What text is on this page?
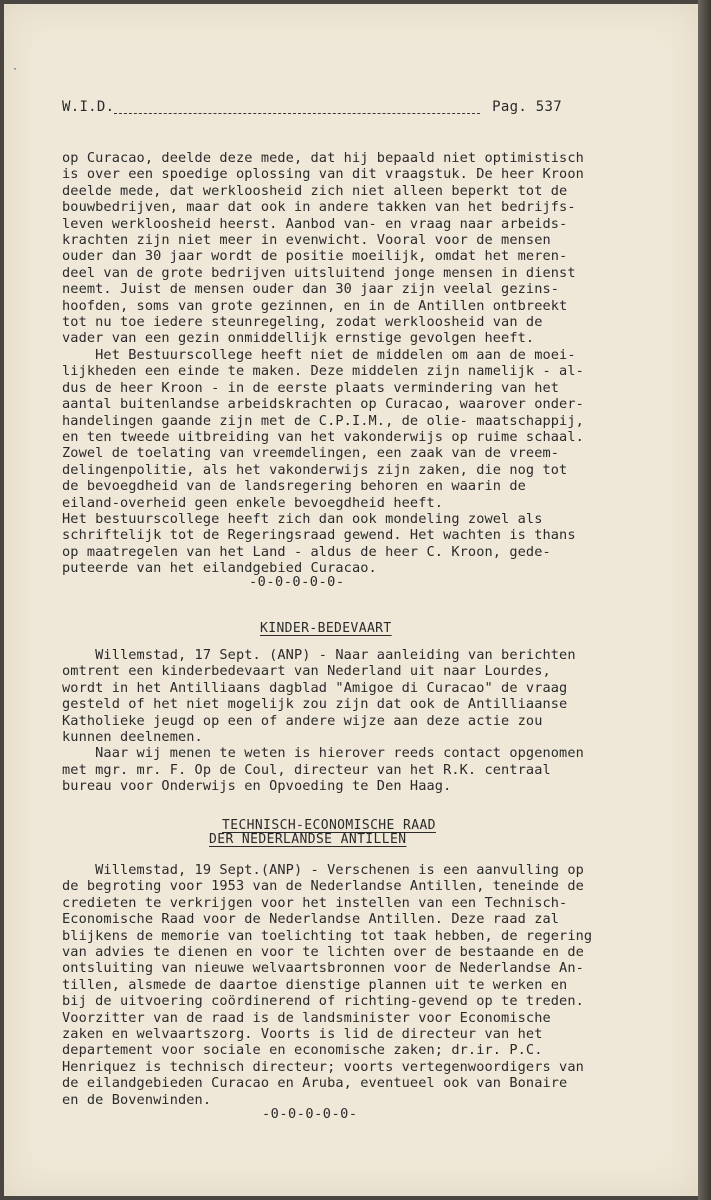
·
W.I.D.	Pag. 537
op Curacao, deelde deze mede, dat hij bepaald niet optimistisch
is over een spoedige oplossing van dit vraagstuk. De heer Kroon
deelde mede, dat werkloosheid zich niet alleen beperkt tot de
bouwbedrijven, maar dat ook in andere takken van het bedrijfs-
leven werkloosheid heerst. Aanbod van- en vraag naar arbeids-
krachten zijn niet meer in evenwicht. Vooral voor de mensen
ouder dan 30 jaar wordt de positie moeilijk, omdat het meren-
deel van de grote bedrijven uitsluitend jonge mensen in dienst
neemt. Juist de mensen ouder dan 30 jaar zijn veelal gezins-
hoofden, soms van grote gezinnen, en in de Antillen ontbreekt
tot nu toe iedere steunregeling, zodat werkloosheid van de
vader van een gezin onmiddellijk ernstige gevolgen heeft.
Het Bestuurscollege heeft niet de middelen om aan de moei-
lijkheden een einde te maken. Deze middelen zijn namelijk - al-
dus de heer Kroon - in de eerste plaats vermindering van het
aantal buitenlandse arbeidskrachten op Curacao, waarover onder-
handelingen gaande zijn met de C.P.I.M., de olie- maatschappij,
en ten tweede uitbreiding van het vakonderwijs op ruime schaal.
Zowel de toelating van vreemdelingen, een zaak van de vreem-
delingenpolitie, als het vakonderwijs zijn zaken, die nog tot
de bevoegdheid van de landsregering behoren en waarin de
eiland-overheid geen enkele bevoegdheid heeft.
Het bestuurscollege heeft zich dan ook mondeling zowel als
schriftelijk tot de Regeringsraad gewend. Het wachten is thans
op maatregelen van het Land - aldus de heer C. Kroon, gede-
puteerde van het eilandgebied Curacao.
-0-0-0-0-0-
KINDER-BEDEVAART
Willemstad, 17 Sept. (ANP) - Naar aanleiding van berichten
omtrent een kinderbedevaart van Nederland uit naar Lourdes,
wordt in het Antilliaans dagblad "Amigoe di Curacao" de vraag
gesteld of het niet mogelijk zou zijn dat ook de Antilliaanse
Katholieke jeugd op een of andere wijze aan deze actie zou
kunnen deelnemen.
Naar wij menen te weten is hierover reeds contact opgenomen
met mgr. mr. F. Op de Coul, directeur van het R.K. centraal
bureau voor Onderwijs en Opvoeding te Den Haag.
TECHNISCH-ECONOMISCHE RAAD
DER NEDERLANDSE ANTILLEN
Willemstad, 19 Sept.(ANP) - Verschenen is een aanvulling op
de begroting voor 1953 van de Nederlandse Antillen, teneinde de
credieten te verkrijgen voor het instellen van een Technisch-
Economische Raad voor de Nederlandse Antillen. Deze raad zal
blijkens de memorie van toelichting tot taak hebben, de regering
van advies te dienen en voor te lichten over de bestaande en de
ontsluiting van nieuwe welvaartsbronnen voor de Nederlandse An-
tillen, alsmede de daartoe dienstige plannen uit te werken en
bij de uitvoering coördinerend of richting-gevend op te treden.
Voorzitter van de raad is de landsminister voor Economische
zaken en welvaartszorg. Voorts is lid de directeur van het
departement voor sociale en economische zaken; dr.ir. P.C.
Henriquez is technisch directeur; voorts vertegenwoordigers van
de eilandgebieden Curacao en Aruba, eventueel ook van Bonaire
en de Bovenwinden.
-0-0-0-0-0-
